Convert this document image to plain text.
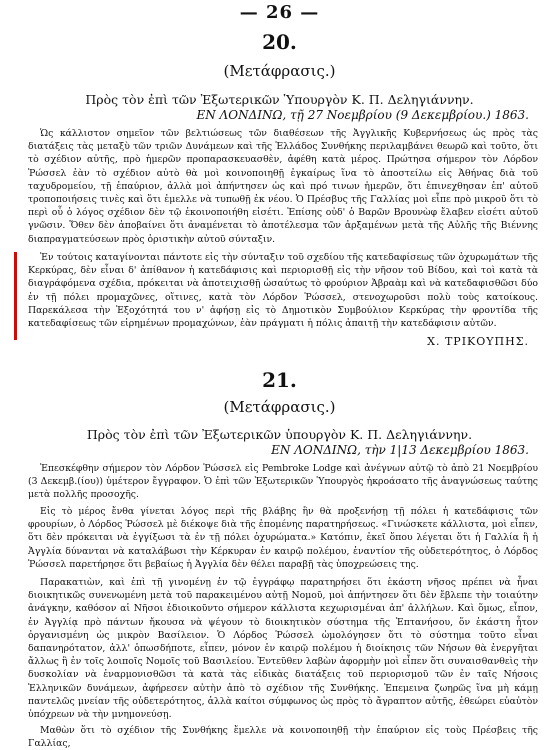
— 26 —
20.
(Μετάφρασις.)
Πρὸς τὸν ἐπὶ τῶν Ἐξωτερικῶν Ὑπουργὸν Κ. Π. Δεληγιάννην.
ΕΝ ΛΟΝΔΙΝΩ, τῇ 27 Νοεμβρίου (9 Δεκεμβρίου.) 1863.
Ὡς κάλλιστον σημεῖον τῶν βελτιώσεως τῶν διαθέσεων τῆς Ἀγγλικῆς Κυβερνήσεως ὡς πρὸς τὰς διατάξεις τὰς μεταξὺ τῶν τριῶν Δυνάμεων καὶ τῆς Ἑλλάδος Συνθήκης περιλαμβάνει θεωρῶ καὶ τοῦτο, ὅτι τὸ σχέδιον αὐτῆς, πρὸ ἡμερῶν προπαρασκευασθὲν, ἀφέθη κατὰ μέρος. Πρώτησα σήμερον τὸν Λόρδον Ῥώσσελ ἐὰν τὸ σχέδιον αὐτὸ θὰ μοὶ κοινοποιηθῇ ἐγκαίρως ἵνα τὸ ἀποστείλω εἰς Ἀθήνας διὰ τοῦ ταχυδρομείου, τῇ ἐπαύριον, ἀλλὰ μοὶ ἀπήντησεν ὡς καὶ πρό τινων ἡμερῶν, ὅτι ἐπινεχθησαν ἐπ' αὐτοῦ τροποποιήσεις τινὲς καὶ ὅτι ἐμελλε νὰ τυπωθῇ ἐκ νέου. Ὁ Πρέσβυς τῆς Γαλλίας μοὶ εἶπε πρὸ μικροῦ ὅτι τὸ περὶ οὗ ὁ λόγος σχέδιον δὲν τῷ ἐκοινοποιήθη εἰσέτι. Ἐπίσης οὐδ' ὁ Βαρῶν Βρουνὼφ ἔλαβεν εἰσέτι αὐτοῦ γνῶσιν. Ὅθεν δὲν ἀποβαίνει ὅτι ἀναμένεται τὸ ἀποτέλεσμα τῶν ἀρξαμένων μετὰ τῆς Αὐλῆς τῆς Βιέννης διαπραγματεύσεων πρὸς ὁριστικὴν αὐτοῦ σύνταξιν.
Ἐν τούτοις καταγίνονται πάντοτε εἰς τὴν σύνταξιν τοῦ σχεδίου τῆς κατεδαφίσεως τῶν ὀχυρωμάτων τῆς Κερκύρας, δὲν εἶναι δ' ἀπίθανον ἡ κατεδάφισις καὶ περιορισθῇ εἰς τὴν νῆσον τοῦ Βίδου, καὶ τοὶ κατὰ τὰ διαγράφόμενα σχέδια, πρόκειται νὰ ἀποτειχισθῇ ὡσαύτως τὸ φρούριον Ἀβραὰμ καὶ νὰ κατεδαφισθῶσι δύο ἐν τῇ πόλει προμαχῶνες, οἵτινες, κατὰ τὸν Λόρδον Ῥώσσελ, στενοχωροῦσι πολὺ τοὺς κατοίκους. Παρεκάλεσα τὴν Ἐξοχότητά του ν' ἀφήσῃ εἰς τὸ Δημοτικὸν Συμβούλιον Κερκύρας τὴν φροντίδα τῆς κατεδαφίσεως τῶν εἰρημένων προμαχώνων, ἐὰν πράγματι ἡ πόλις ἀπαιτῇ τὴν κατεδάφισιν αὐτῶν.
Χ. ΤΡΙΚΟΥΠΗΣ.
21.
(Μετάφρασις.)
Πρὸς τὸν ἐπὶ τῶν Ἐξωτερικῶν ὑπουργὸν Κ. Π. Δεληγιάννην.
ΕΝ ΛΟΝΔΙΝΩ, τὴν 1|13 Δεκεμβρίου 1863.
Ἐπεσκέφθην σήμερον τὸν Λόρδον Ῥώσσελ εἰς Pembroke Lodge καὶ ἀνέγνων αὐτῷ τὸ ἀπὸ 21 Νοεμβρίου (3 Δεκεμβ.(ίου)) ὑμέτερον ἔγγραφον. Ὁ ἐπὶ τῶν Ἐξωτερικῶν Ὑπουργὸς ἠκροάσατο τῆς ἀναγνώσεως ταύτης μετὰ πολλῆς προσοχῆς.
Εἰς τὸ μέρος ἔνθα γίνεται λόγος περὶ τῆς βλάβης ἣν θὰ προξενήσῃ τῇ πόλει ἡ κατεδάφισις τῶν φρουρίων, ὁ Λόρδος Ῥώσσελ μὲ διέκοψε διὰ τῆς ἑπομένης παρατηρήσεως. «Γινώσκετε κάλλιστα, μοὶ εἶπεν, ὅτι δὲν πρόκειται νὰ ἐγγίξωσι τὰ ἐν τῇ πόλει ὀχυρώματα.» Κατόπιν, ἐκεῖ ὅπου λέγεται ὅτι ἡ Γαλλία ἢ ἡ Ἀγγλία δύνανται νὰ καταλάβωσι τὴν Κέρκυραν ἐν καιρῷ πολέμου, ἐναντίον τῆς οὐδετερότητος, ὁ Λόρδος Ῥώσσελ παρετήρησε ὅτι βεβαίως ἡ Ἀγγλία δὲν θέλει παραβῇ τὰς ὑποχρεώσεις της.
Παρακατιὼν, καὶ ἐπὶ τῇ γινομένῃ ἐν τῷ ἐγγράφῳ παρατηρήσει ὅτι ἑκάστη νῆσος πρέπει νὰ ἦναι διοικητικῶς συνενωμένη μετὰ τοῦ παρακειμένου αὐτῇ Νομοῦ, μοὶ ἀπήντησεν ὅτι δὲν ἔβλεπε τὴν τοιαύτην ἀνάγκην, καθόσον αἱ Νῆσοι ἐδιοικοῦντο σήμερον κάλλιστα κεχωρισμέναι ἀπ' ἀλλήλων. Καὶ ὅμως, εἶπον, ἐν Ἀγγλίᾳ πρὸ πάντων ἤκουσα νὰ ψέγουν τὸ διοικητικὸν σύστημα τῆς Ἑπτανήσου, ὅν ἐκάστη ἦτον ὀργανισμένη ὡς μικρὸν Βασίλειον. Ὁ Λόρδος Ῥώσσελ ὡμολόγησεν ὅτι τὸ σύστημα τοῦτο εἶναι δαπανηρότατον, ἀλλ' ὁπωσδήποτε, εἶπεν, μόνον ἐν καιρῷ πολέμου ἡ διοίκησις τῶν Νήσων θὰ ἐνεργῆται ἄλλως ἢ ἐν τοῖς λοιποῖς Νομοῖς τοῦ Βασιλείου. Ἐντεῦθεν λαβὼν ἀφορμὴν μοὶ εἶπεν ὅτι συναισθανθεὶς τὴν δυσκολίαν νὰ ἐναρμονισθῶσι τὰ κατὰ τὰς εἰδικὰς διατάξεις τοῦ περιορισμοῦ τῶν ἐν ταῖς Νήσοις Ἑλληνικῶν δυνάμεων, ἀφήρεσεν αὐτὴν ἀπὸ τὸ σχέδιον τῆς Συνθήκης. Ἐπεμεινα ζωηρῶς ἵνα μὴ κάμῃ παντελῶς μνείαν τῆς οὐδετερότητος, ἀλλὰ καίτοι σύμφωνος ὡς πρὸς τὸ ἄγραπτον αὐτῆς, ἐθεώρει εὐαὐτὸν ὑπόχρεων νὰ τὴν μνημονεύσῃ.
Μαθὼν ὅτι τὸ σχέδιον τῆς Συνθήκης ἔμελλε νὰ κοινοποιηθῇ τὴν ἐπαύριον εἰς τοὺς Πρέσβεις τῆς Γαλλίας,
